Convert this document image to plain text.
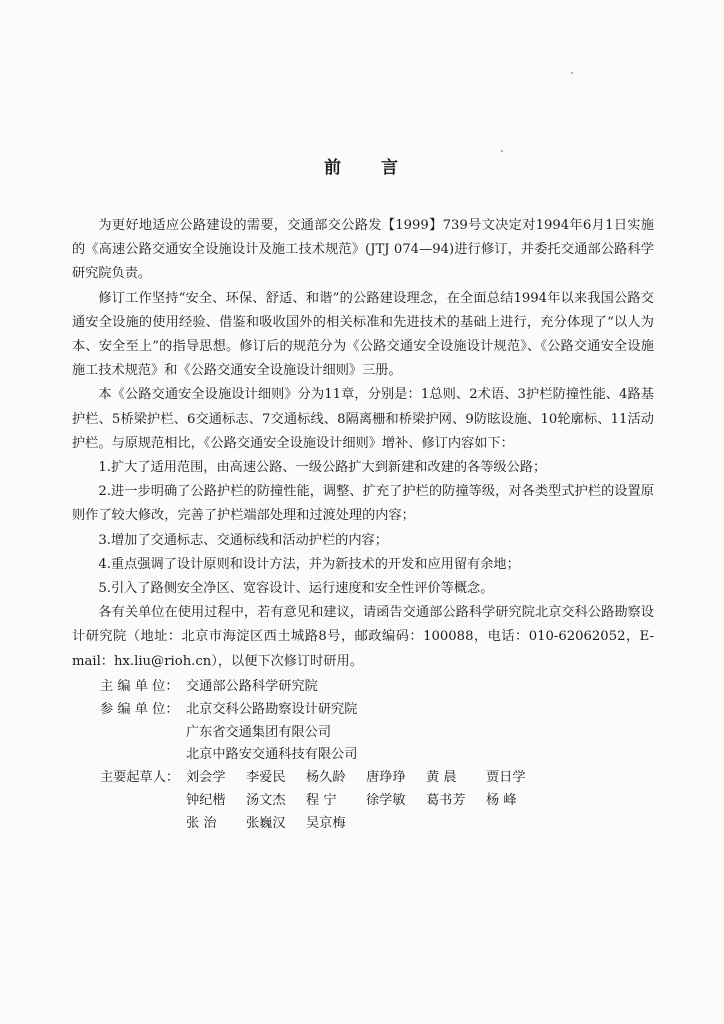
前 言

为更好地适应公路建设的需要，交通部交公路发【1999】739号文决定对1994年6月1日实施的《高速公路交通安全设施设计及施工技术规范》(JTJ 074—94)进行修订，并委托交通部公路科学研究院负责。

修订工作坚持“安全、环保、舒适、和谐”的公路建设理念，在全面总结1994年以来我国公路交通安全设施的使用经验、借鉴和吸收国外的相关标准和先进技术的基础上进行，充分体现了“以人为本、安全至上”的指导思想。修订后的规范分为《公路交通安全设施设计规范》、《公路交通安全设施施工技术规范》和《公路交通安全设施设计细则》三册。

本《公路交通安全设施设计细则》分为11章，分别是：1总则、2术语、3护栏防撞性能、4路基护栏、5桥梁护栏、6交通标志、7交通标线、8隔离栅和桥梁护网、9防眩设施、10轮廓标、11活动护栏。与原规范相比，《公路交通安全设施设计细则》增补、修订内容如下：

1.扩大了适用范围，由高速公路、一级公路扩大到新建和改建的各等级公路；

2.进一步明确了公路护栏的防撞性能，调整、扩充了护栏的防撞等级，对各类型式护栏的设置原则作了较大修改，完善了护栏端部处理和过渡处理的内容；

3.增加了交通标志、交通标线和活动护栏的内容；

4.重点强调了设计原则和设计方法，并为新技术的开发和应用留有余地；

5.引入了路侧安全净区、宽容设计、运行速度和安全性评价等概念。

各有关单位在使用过程中，若有意见和建议，请函告交通部公路科学研究院北京交科公路勘察设计研究院（地址：北京市海淀区西土城路8号，邮政编码：100088，电话：010-62062052，E-mail：hx.liu@rioh.cn），以便下次修订时研用。

主 编 单 位： 交通部公路科学研究院
参 编 单 位： 北京交科公路勘察设计研究院
广东省交通集团有限公司
北京中路安交通科技有限公司
主要起草人： 刘会学	李爱民	杨久龄	唐琤琤	黄 晨	贾日学
钟纪楷	汤文杰	程 宁	徐学敏	葛书芳	杨 峰
张 治	张巍汉	吴京梅
